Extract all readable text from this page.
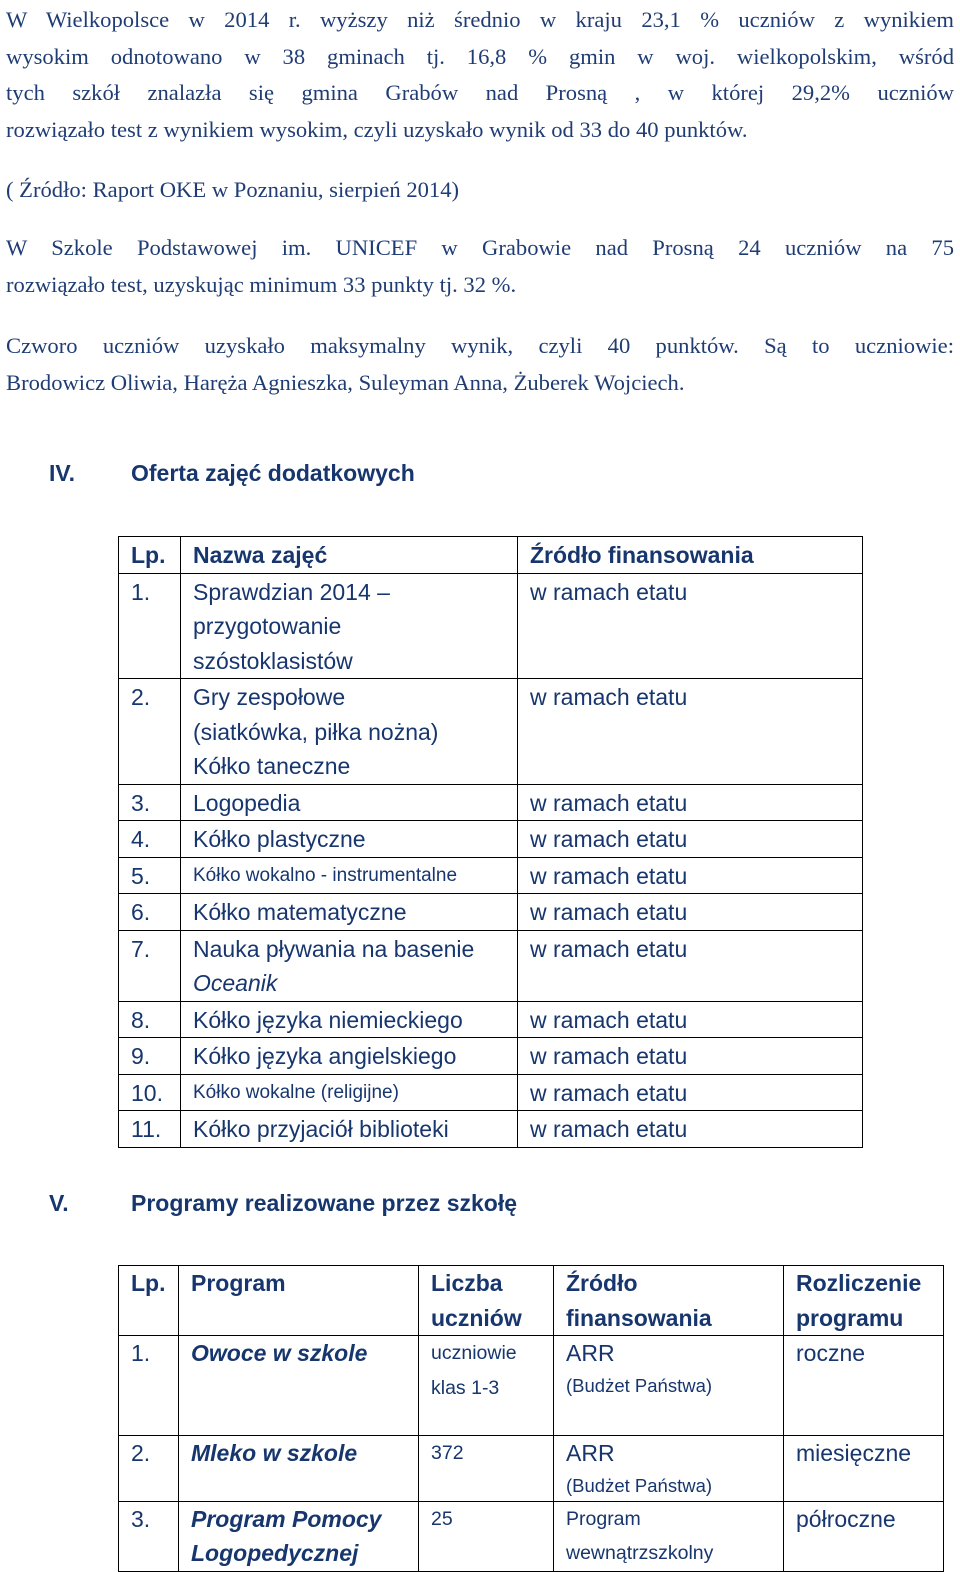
W Wielkopolsce w 2014 r. wyższy niż średnio w kraju 23,1 % uczniów z wynikiem
wysokim odnotowano w 38 gminach tj. 16,8 % gmin w woj. wielkopolskim, wśród
tych szkół znalazła się gmina Grabów nad Prosną , w której 29,2% uczniów
rozwiązało test z wynikiem wysokim, czyli uzyskało wynik od 33 do 40 punktów.
( Źródło: Raport OKE w Poznaniu, sierpień 2014)
W Szkole Podstawowej im. UNICEF w Grabowie nad Prosną 24 uczniów na 75
rozwiązało test, uzyskując minimum 33 punkty tj. 32 %.
Czworo uczniów uzyskało maksymalny wynik, czyli 40 punktów. Są to uczniowie:
Brodowicz Oliwia, Haręża Agnieszka, Suleyman Anna, Żuberek Wojciech.
IV. Oferta zajęć dodatkowych
Lp.	Nazwa zajęć	Źródło finansowania
1.	Sprawdzian 2014 –
przygotowanie
szóstoklasistów	w ramach etatu
2.	Gry zespołowe
(siatkówka, piłka nożna)
Kółko taneczne	w ramach etatu
3.	Logopedia	w ramach etatu
4.	Kółko plastyczne	w ramach etatu
5.	Kółko wokalno - instrumentalne	w ramach etatu
6.	Kółko matematyczne	w ramach etatu
7.	Nauka pływania na basenie
Oceanik	w ramach etatu
8.	Kółko języka niemieckiego	w ramach etatu
9.	Kółko języka angielskiego	w ramach etatu
10.	Kółko wokalne (religijne)	w ramach etatu
11.	Kółko przyjaciół biblioteki	w ramach etatu
V.	Programy realizowane przez szkołę
Lp.	Program	Liczba uczniów	Źródło finansowania	Rozliczenie programu
1.	Owoce w szkole	uczniowie klas 1-3	ARR
(Budżet Państwa)	roczne
2.	Mleko w szkole	372	ARR
(Budżet Państwa)	miesięczne
3.	Program Pomocy Logopedycznej	25	Program wewnątrzszkolny	półroczne
